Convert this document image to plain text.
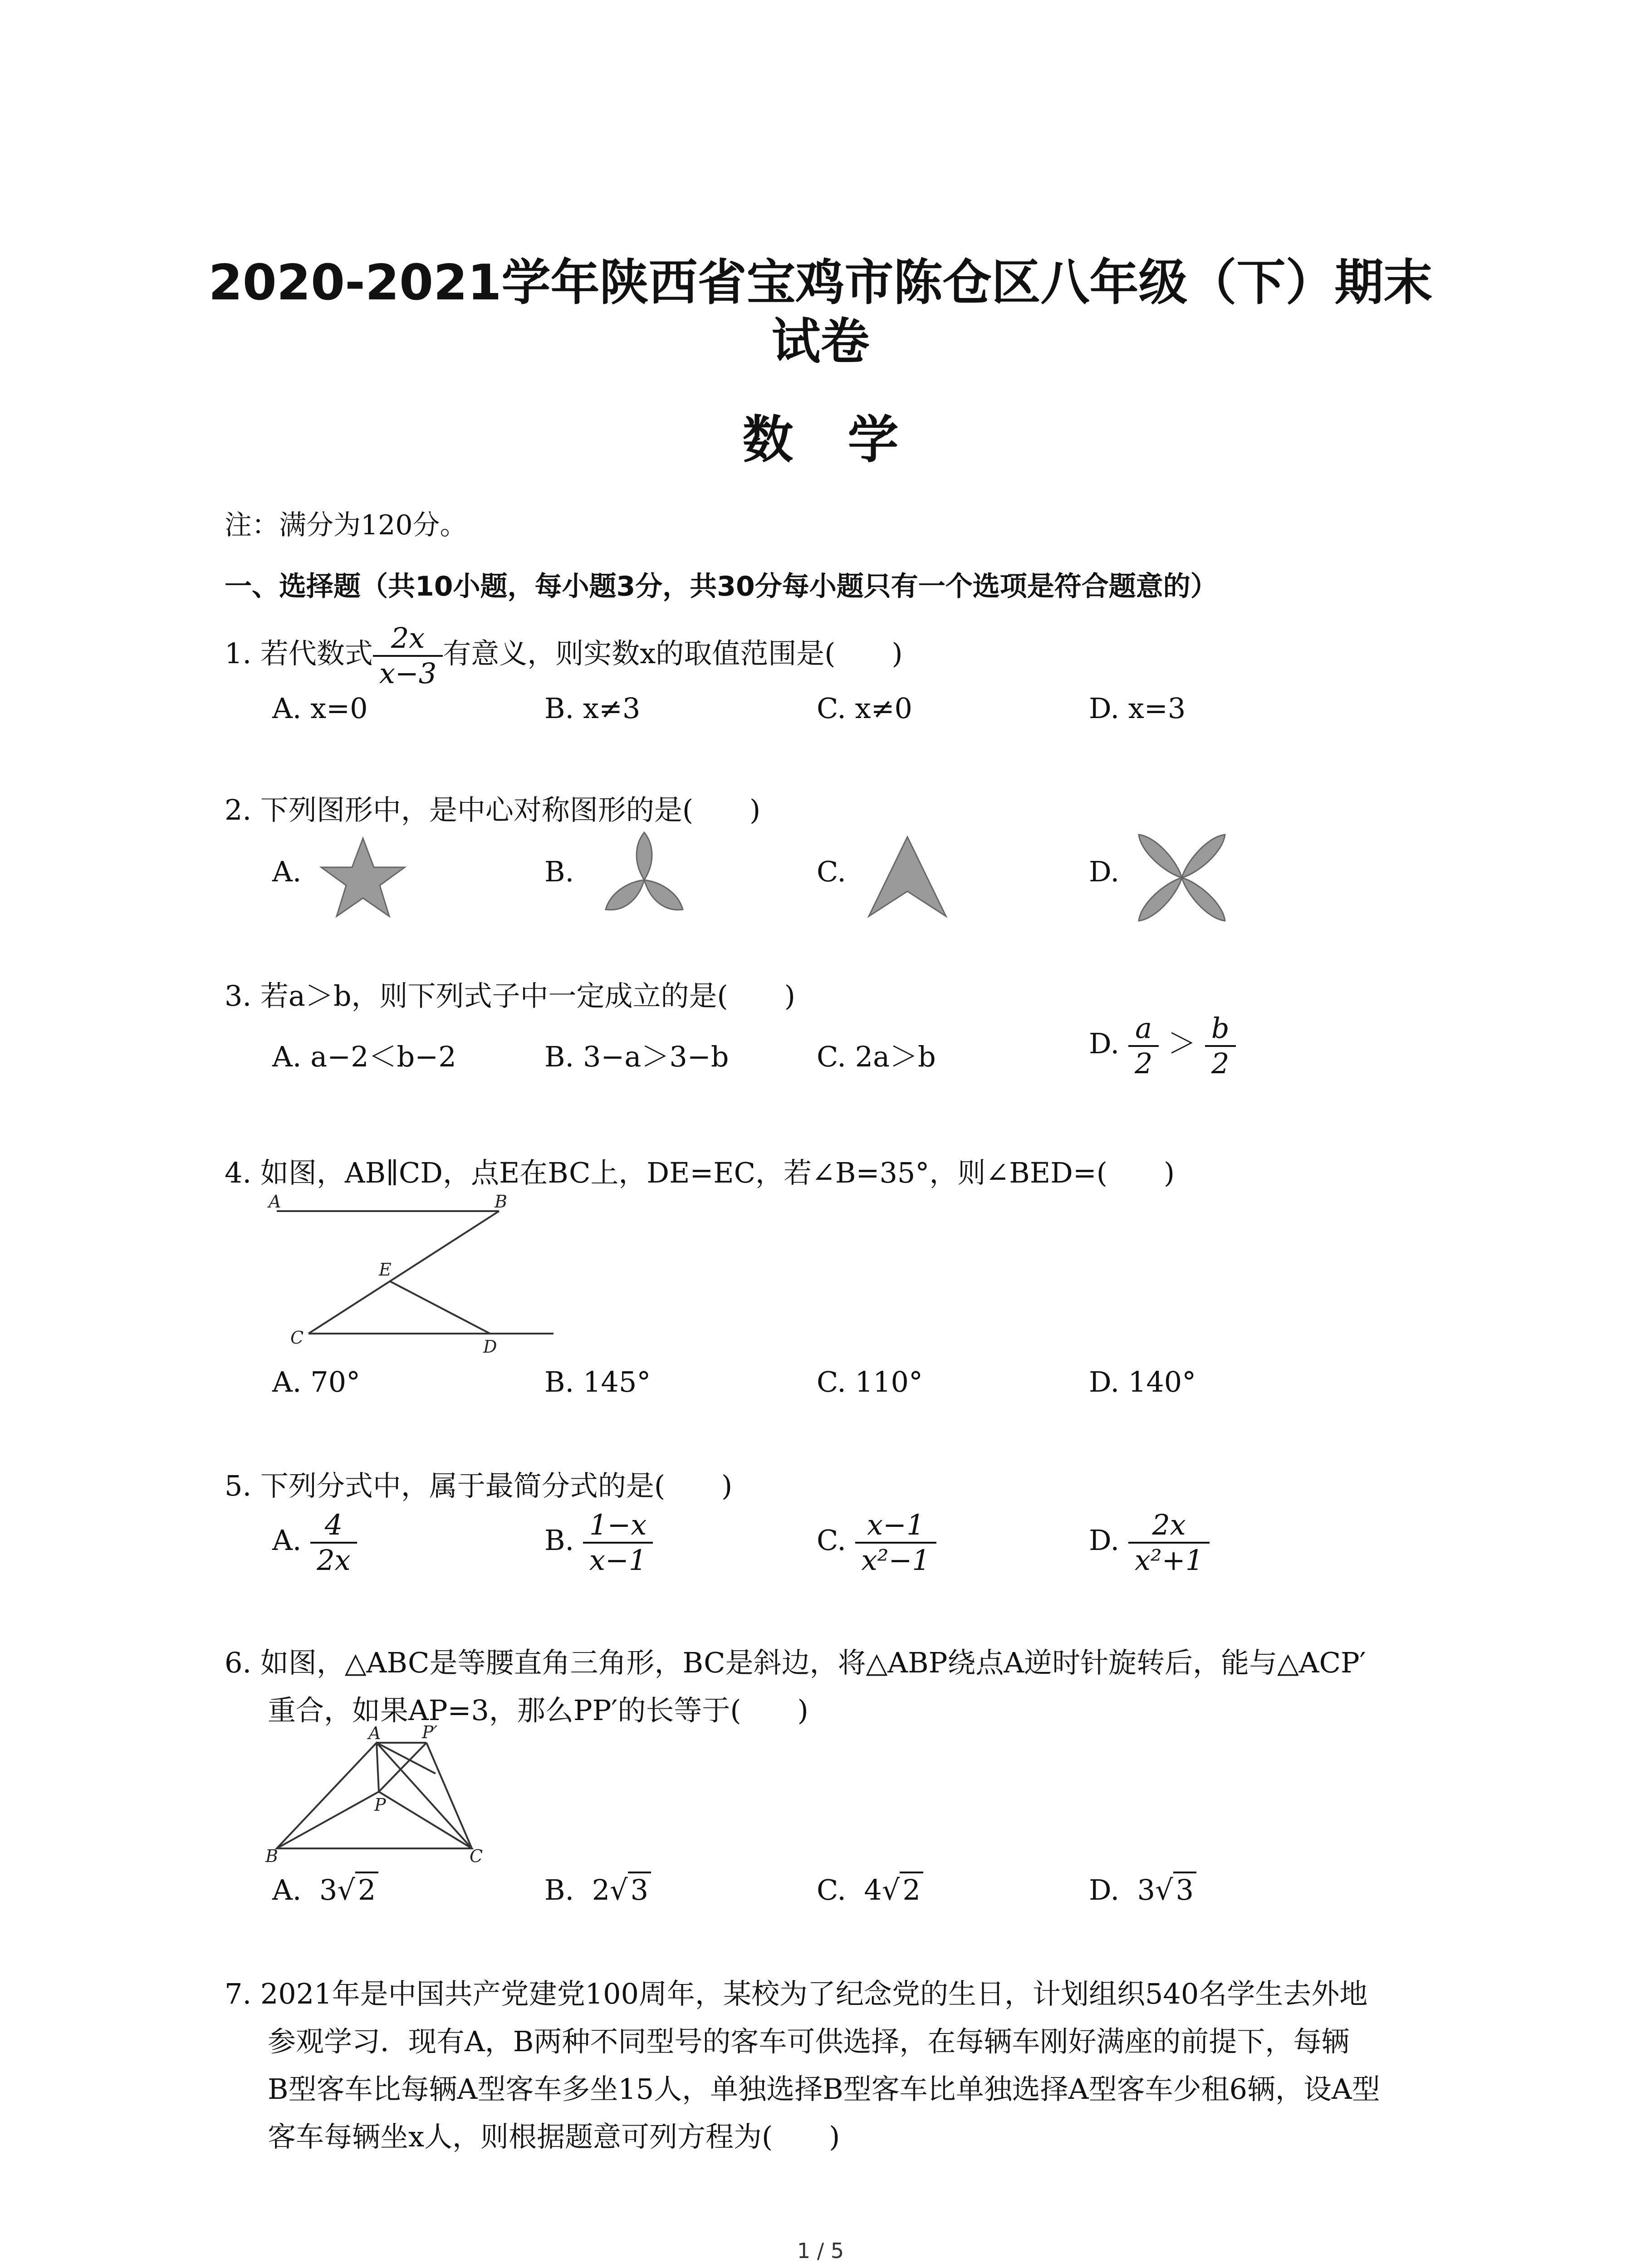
2020-2021学年陕西省宝鸡市陈仓区八年级（下）期末
试卷
数学
注：满分为120分。
一、选择题（共10小题，每小题3分，共30分每小题只有一个选项是符合题意的）
1. 若代数式 $\frac{2x}{x-3}$ 有意义，则实数x的取值范围是(　　)
A. x=0	B. x≠3	C. x≠0	D. x=3
2. 下列图形中，是中心对称图形的是(　　)
A.	B.	C.	D.
3. 若a＞b，则下列式子中一定成立的是(　　)
A. a−2＜b−2	B. 3−a＞3−b	C. 2a＞b	D. $\frac{a}{2} > \frac{b}{2}$
4. 如图，AB∥CD，点E在BC上，DE=EC，若∠B=35°，则∠BED=(　　)
A	B
E
C	D
A. 70°	B. 145°	C. 110°	D. 140°
5. 下列分式中，属于最简分式的是(　　)
A. $\frac{4}{2x}$	B. $\frac{1-x}{x-1}$	C. $\frac{x-1}{\text{x²−1}}$	D. $\frac{2x}{\text{x²+1}}$
6. 如图，△ABC是等腰直角三角形，BC是斜边，将△ABP绕点A逆时针旋转后，能与△ACP′
重合，如果AP=3，那么PP′的长等于(　　)
A P′
P
B	C
A. 3√2	B. 2√3	C. 4√2	D. 3√3
7. 2021年是中国共产党建党100周年，某校为了纪念党的生日，计划组织540名学生去外地
参观学习．现有A，B两种不同型号的客车可供选择，在每辆车刚好满座的前提下，每辆
B型客车比每辆A型客车多坐15人，单独选择B型客车比单独选择A型客车少租6辆，设A型
客车每辆坐x人，则根据题意可列方程为(　　)
1 / 5
